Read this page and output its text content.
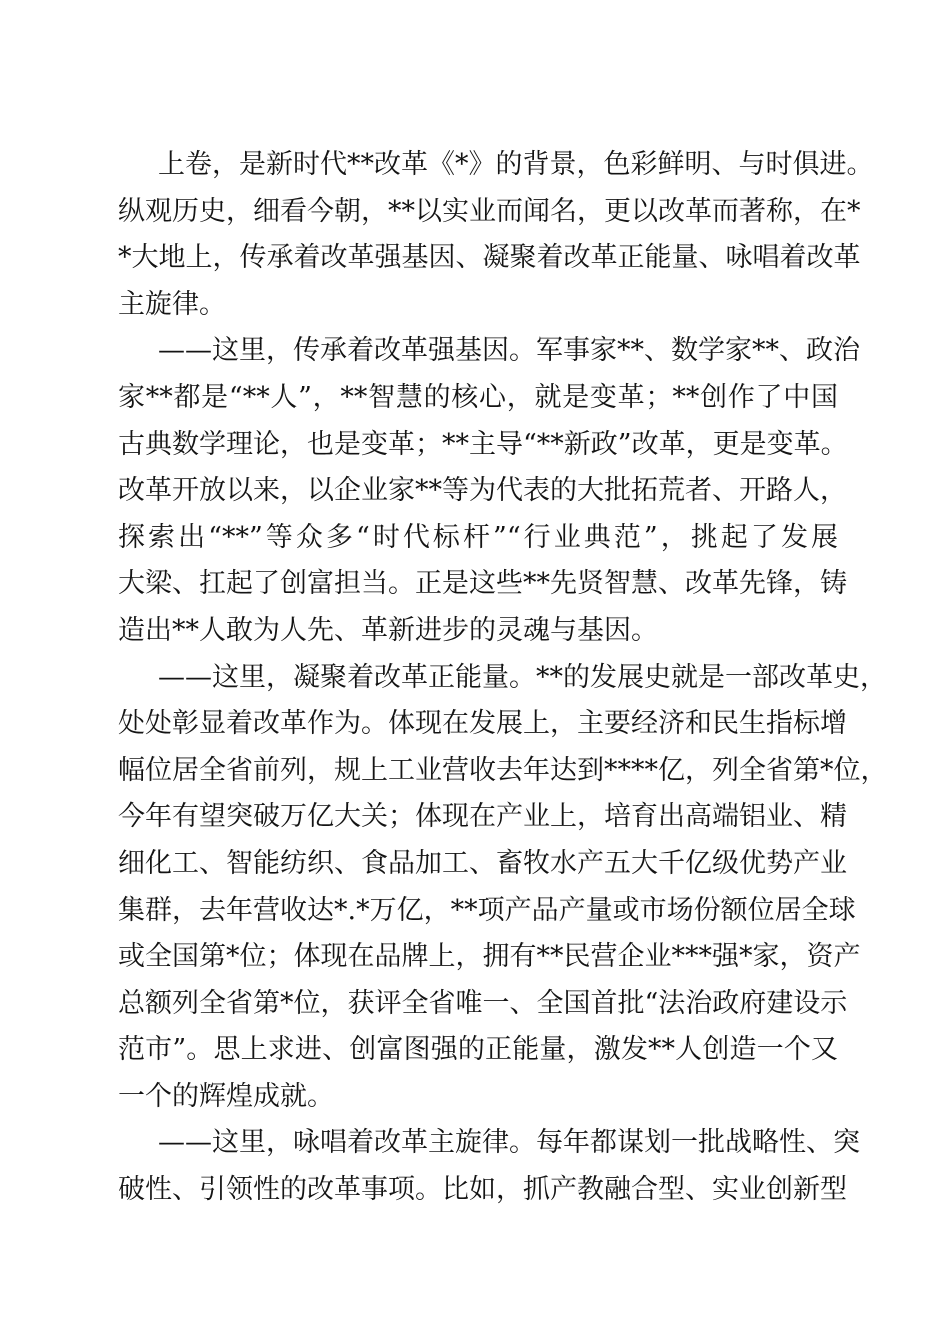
上卷，是新时代**改革《*》的背景，色彩鲜明、与时俱进。
纵观历史，细看今朝，**以实业而闻名，更以改革而著称，在*
*大地上，传承着改革强基因、凝聚着改革正能量、咏唱着改革
主旋律。
——这里，传承着改革强基因。军事家**、数学家**、政治
家**都是“**人”，**智慧的核心，就是变革；**创作了中国
古典数学理论，也是变革；**主导“**新政”改革，更是变革。
改革开放以来，以企业家**等为代表的大批拓荒者、开路人，
探索出“**”等众多“时代标杆”“行业典范”，挑起了发展
大梁、扛起了创富担当。正是这些**先贤智慧、改革先锋，铸
造出**人敢为人先、革新进步的灵魂与基因。
——这里，凝聚着改革正能量。**的发展史就是一部改革史，
处处彰显着改革作为。体现在发展上，主要经济和民生指标增
幅位居全省前列，规上工业营收去年达到****亿，列全省第*位，
今年有望突破万亿大关；体现在产业上，培育出高端铝业、精
细化工、智能纺织、食品加工、畜牧水产五大千亿级优势产业
集群，去年营收达*.*万亿，**项产品产量或市场份额位居全球
或全国第*位；体现在品牌上，拥有**民营企业***强*家，资产
总额列全省第*位，获评全省唯一、全国首批“法治政府建设示
范市”。思上求进、创富图强的正能量，激发**人创造一个又
一个的辉煌成就。
——这里，咏唱着改革主旋律。每年都谋划一批战略性、突
破性、引领性的改革事项。比如，抓产教融合型、实业创新型
